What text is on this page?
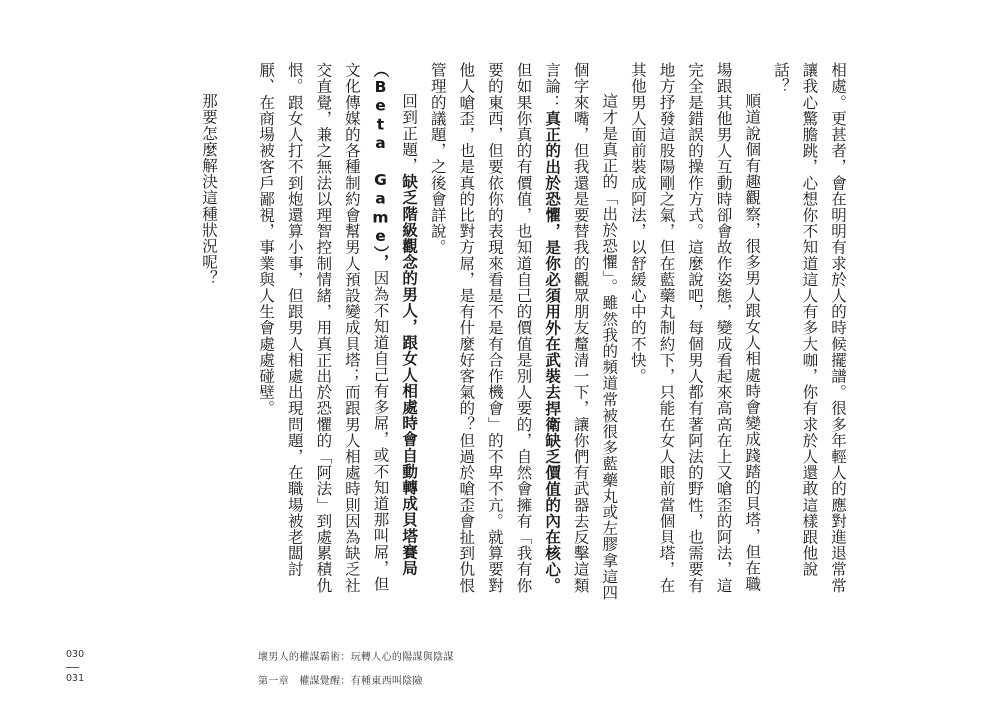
相處。更甚者，會在明明有求於人的時候擺譜。很多年輕人的應對進退常常讓我心驚膽跳，心想你不知道這人有多大咖，你有求於人還敢這樣跟他說話？

順道說個有趣觀察，很多男人跟女人相處時會變成踐踏的貝塔，但在職場跟其他男人互動時卻會故作姿態，變成看起來高高在上又嗆歪的阿法，這完全是錯誤的操作方式。這麼說吧，每個男人都有著阿法的野性，也需要有地方抒發這股陽剛之氣，但在藍藥丸制約下，只能在女人眼前當個貝塔，在其他男人面前裝成阿法，以舒緩心中的不快。

這才是真正的「出於恐懼」。雖然我的頻道常被很多藍藥丸或左膠拿這四個字來嘴，但我還是要替我的觀眾朋友釐清一下，讓你們有武器去反擊這類言論：真正的出於恐懼，是你必須用外在武裝去捍衛缺乏價值的內在核心。但如果你真的有價值，也知道自己的價值是別人要的，自然會擁有「我有你要的東西，但要依你的表現來看是不是有合作機會」的不卑不亢。就算要對他人嗆歪，也是真的比對方屌，是有什麼好客氣的？但過於嗆歪會扯到仇恨管理的議題，之後會詳說。

回到正題，缺乏階級觀念的男人，跟女人相處時會自動轉成貝塔賽局（Beta Game），因為不知道自己有多屌，或不知道那叫屌，但文化傳媒的各種制約會幫男人預設變成貝塔；而跟男人相處時則因為缺乏社交直覺，兼之無法以理智控制情緒，用真正出於恐懼的「阿法」到處累積仇恨。跟女人打不到炮還算小事，但跟男人相處出現問題，在職場被老闆討厭、在商場被客戶鄙視，事業與人生會處處碰壁。

那要怎麼解決這種狀況呢？

030
031
壞男人的權謀霸術：玩轉人心的陽謀與陰謀
第一章　權謀覺醒：有種東西叫陰險
